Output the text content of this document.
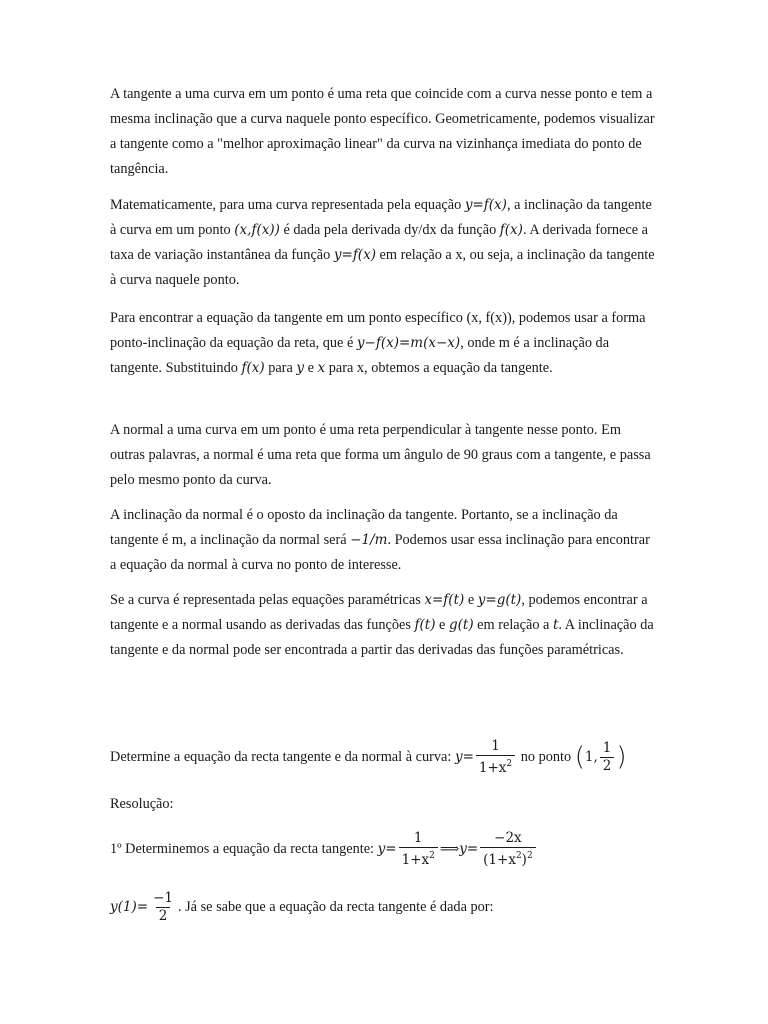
A tangente a uma curva em um ponto é uma reta que coincide com a curva nesse ponto e tem a mesma inclinação que a curva naquele ponto específico. Geometricamente, podemos visualizar a tangente como a "melhor aproximação linear" da curva na vizinhança imediata do ponto de tangência.

Matematicamente, para uma curva representada pela equação y=f(x), a inclinação da tangente à curva em um ponto (x,f(x)) é dada pela derivada dy/dx da função f(x). A derivada fornece a taxa de variação instantânea da função y=f(x) em relação a x, ou seja, a inclinação da tangente à curva naquele ponto.

Para encontrar a equação da tangente em um ponto específico (x, f(x)), podemos usar a forma ponto-inclinação da equação da reta, que é y−f(x)=m(x−x), onde m é a inclinação da tangente. Substituindo f(x) para y e x para x, obtemos a equação da tangente.

A normal a uma curva em um ponto é uma reta perpendicular à tangente nesse ponto. Em outras palavras, a normal é uma reta que forma um ângulo de 90 graus com a tangente, e passa pelo mesmo ponto da curva.

A inclinação da normal é o oposto da inclinação da tangente. Portanto, se a inclinação da tangente é m, a inclinação da normal será −1/m. Podemos usar essa inclinação para encontrar a equação da normal à curva no ponto de interesse.

Se a curva é representada pelas equações paramétricas x=f(t) e y=g(t), podemos encontrar a tangente e a normal usando as derivadas das funções f(t) e g(t) em relação a t. A inclinação da tangente e da normal pode ser encontrada a partir das derivadas das funções paramétricas.

Determine a equação da recta tangente e da normal à curva: $y= \frac{1}{1+x^2}$ no ponto (1, $\frac{1}{2}$ )

Resolução:

1º Determinemos a equação da recta tangente: $y= \frac{1}{1+x^2}$ ⟹y= $\frac{-2x}{(1+x^2)^2}$

$y(1)= \frac{-1}{2}$ . Já se sabe que a equação da recta tangente é dada por:
